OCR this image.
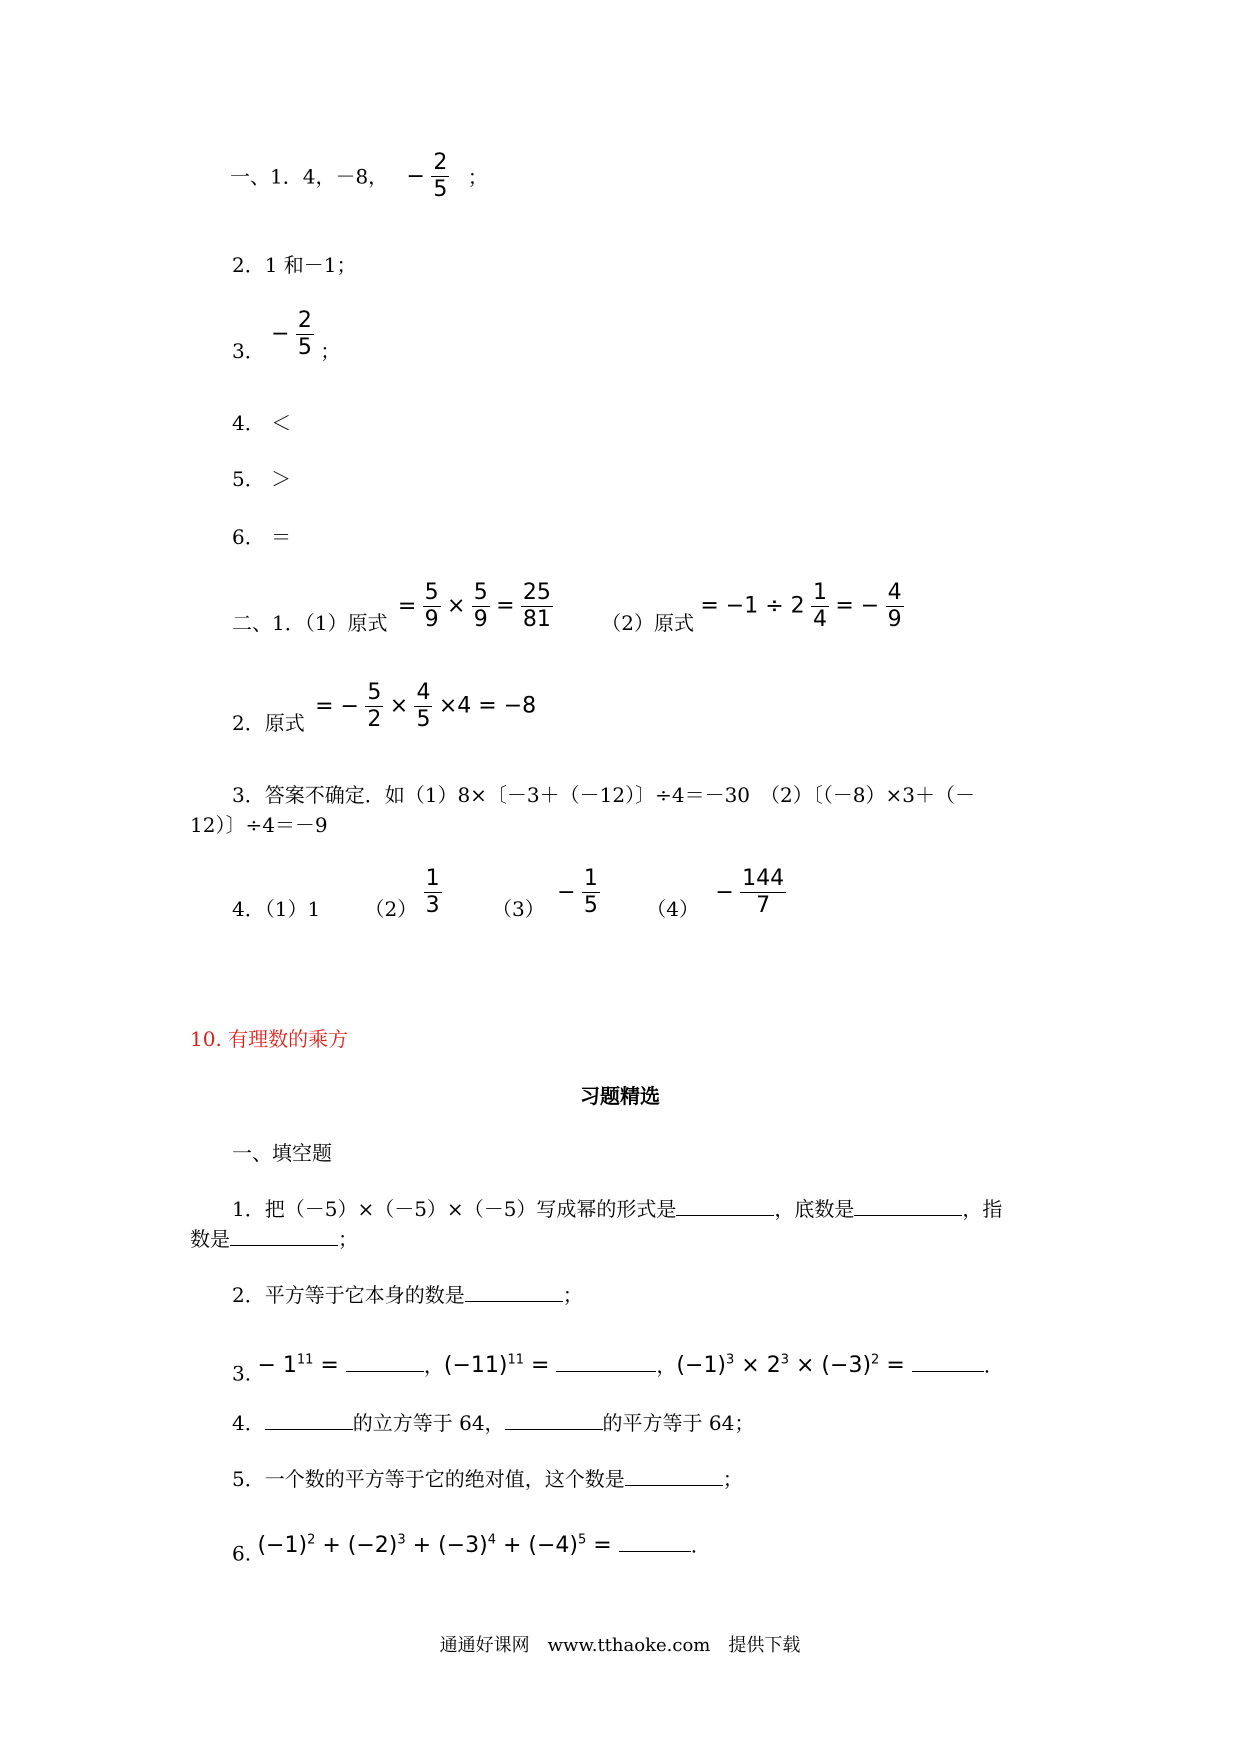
一、1．4，－8， − $\frac{2}{5}$ ；
2．1 和－1；
3． − $\frac{2}{5}$ ；
4． ＜
5． ＞
6． ＝
二、1．（1）原式 = $\frac{5}{9} \times \frac{5}{9} = \frac{25}{81} (2)$原式 = $-1 \div 2 \frac{1}{4}$ = − $\frac{4}{9}$
2．原式 = − $\frac{5}{2} \times \frac{4}{5} \times 4 = -8$
3．答案不确定．如（1）8×〔－3＋（－12）〕÷4＝－30　（2）〔（－8）×3＋（－
12）〕÷4＝－9
4．（1）1 $(2) \frac{1}{3}$	$(3) - \frac{1}{5} (4) - \frac{144}{7}$
10. 有理数的乘方
习题精选
一、填空题
1．把（－5）×（－5）×（－5）写成幂的形式是	，底数是	，指
数是	；
2．平方等于它本身的数是	；
3. − $1^{11}$ =	，$(-11)^{11}$ =	，$(-1)^3 \times 2^3 \times (-3)^2$ =	.
4．	的立方等于 64，	的平方等于 64；
5．一个数的平方等于它的绝对值，这个数是	；
6. $(-1)^2 + (-2)^3 + (-3)^4 + (-4)^5$ =	.
通通好课网　www.tthaoke.com　提供下载
